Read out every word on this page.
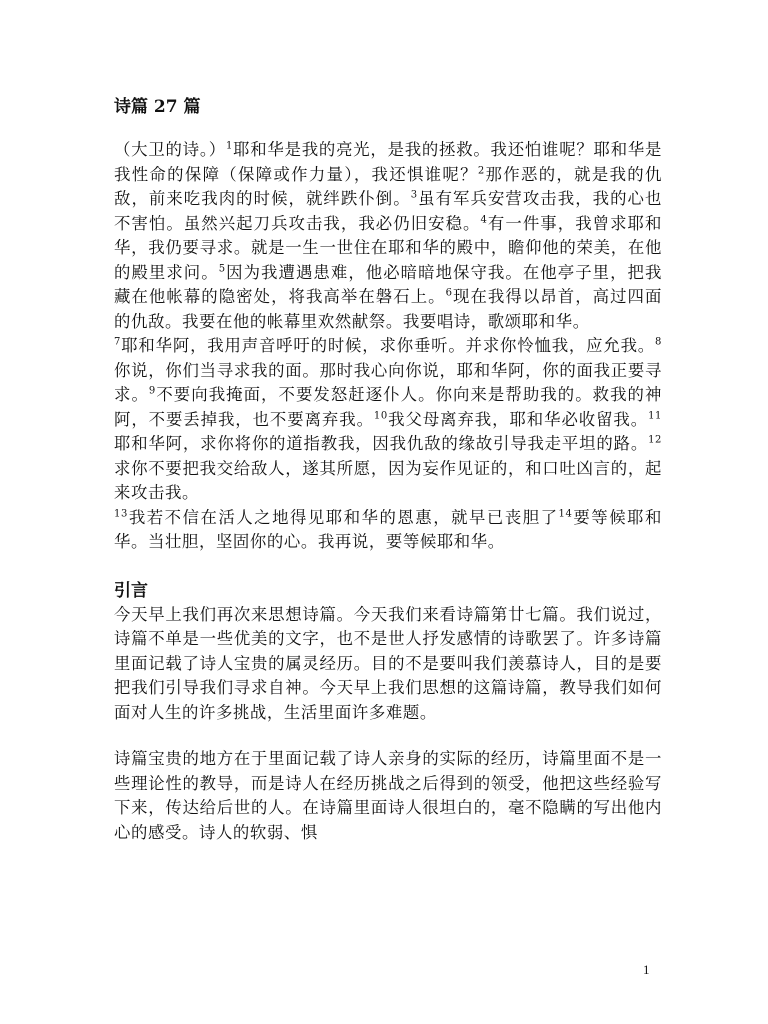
诗篇 27 篇

（大卫的诗。）$^1$耶和华是我的亮光，是我的拯救。我还怕谁呢？耶和华是我性命的保障（保障或作力量），我还惧谁呢？$^2$那作恶的，就是我的仇敌，前来吃我肉的时候，就绊跌仆倒。$^3$虽有军兵安营攻击我，我的心也不害怕。虽然兴起刀兵攻击我，我必仍旧安稳。$^4$有一件事，我曾求耶和华，我仍要寻求。就是一生一世住在耶和华的殿中，瞻仰他的荣美，在他的殿里求问。$^5$因为我遭遇患难，他必暗暗地保守我。在他亭子里，把我藏在他帐幕的隐密处，将我高举在磐石上。$^6$现在我得以昂首，高过四面的仇敌。我要在他的帐幕里欢然献祭。我要唱诗，歌颂耶和华。

$^7$耶和华阿，我用声音呼吁的时候，求你垂听。并求你怜恤我，应允我。$^8$你说，你们当寻求我的面。那时我心向你说，耶和华阿，你的面我正要寻求。$^9$不要向我掩面，不要发怒赶逐仆人。你向来是帮助我的。救我的神阿，不要丢掉我，也不要离弃我。$^{10}$我父母离弃我，耶和华必收留我。$^{11}$耶和华阿，求你将你的道指教我，因我仇敌的缘故引导我走平坦的路。$^{12}$求你不要把我交给敌人，遂其所愿，因为妄作见证的，和口吐凶言的，起来攻击我。

$^{13}$我若不信在活人之地得见耶和华的恩惠，就早已丧胆了$^{14}$要等候耶和华。当壮胆，坚固你的心。我再说，要等候耶和华。

引言

今天早上我们再次来思想诗篇。今天我们来看诗篇第廿七篇。我们说过，诗篇不单是一些优美的文字，也不是世人抒发感情的诗歌罢了。许多诗篇里面记载了诗人宝贵的属灵经历。目的不是要叫我们羡慕诗人，目的是要把我们引导我们寻求自神。今天早上我们思想的这篇诗篇，教导我们如何面对人生的许多挑战，生活里面许多难题。

诗篇宝贵的地方在于里面记载了诗人亲身的实际的经历，诗篇里面不是一些理论性的教导，而是诗人在经历挑战之后得到的领受，他把这些经验写下来，传达给后世的人。在诗篇里面诗人很坦白的，毫不隐瞒的写出他内心的感受。诗人的软弱、惧

1
